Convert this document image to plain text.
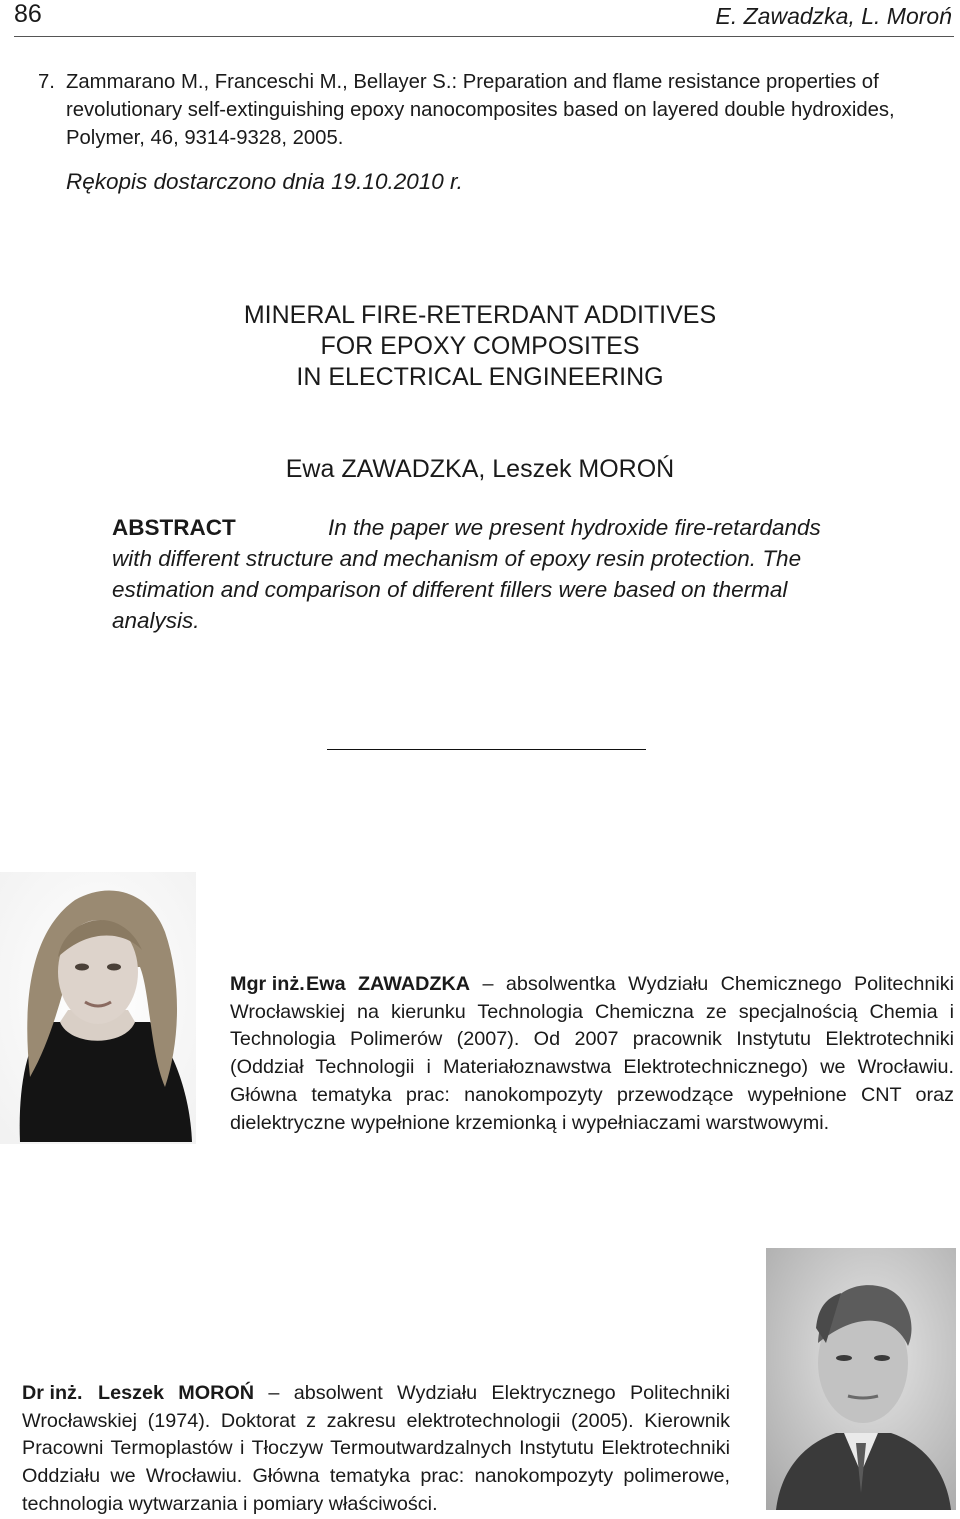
86	E. Zawadzka, L. Moroń
7. Zammarano M., Franceschi M., Bellayer S.: Preparation and flame resistance properties of revolutionary self-extinguishing epoxy nanocomposites based on layered double hydroxides, Polymer, 46, 9314-9328, 2005.
Rękopis dostarczono dnia 19.10.2010 r.
MINERAL FIRE-RETERDANT ADDITIVES
FOR EPOXY COMPOSITES
IN ELECTRICAL ENGINEERING
Ewa ZAWADZKA, Leszek MOROŃ
ABSTRACT	In the paper we present hydroxide fire-retardands with different structure and mechanism of epoxy resin protection. The estimation and comparison of different fillers were based on thermal analysis.
Mgr inż.Ewa ZAWADZKA – absolwentka Wydziału Chemicznego Politechniki Wrocławskiej na kierunku Technologia Chemiczna ze specjalnością Chemia i Technologia Polimerów (2007). Od 2007 pracownik Instytutu Elektrotechniki (Oddział Technologii i Materiałoznawstwa Elektrotechnicznego) we Wrocławiu. Główna tematyka prac: nanokompozyty przewodzące wypełnione CNT oraz dielektryczne wypełnione krzemionką i wypełniaczami warstwowymi.
Dr inż. Leszek MOROŃ – absolwent Wydziału Elektrycznego Politechniki Wrocławskiej (1974). Doktorat z zakresu elektrotechnologii (2005). Kierownik Pracowni Termoplastów i Tłoczyw Termoutwardzalnych Instytutu Elektrotechniki Oddziału we Wrocławiu. Główna tematyka prac: nanokompozyty polimerowe, technologia wytwarzania i pomiary właściwości.
